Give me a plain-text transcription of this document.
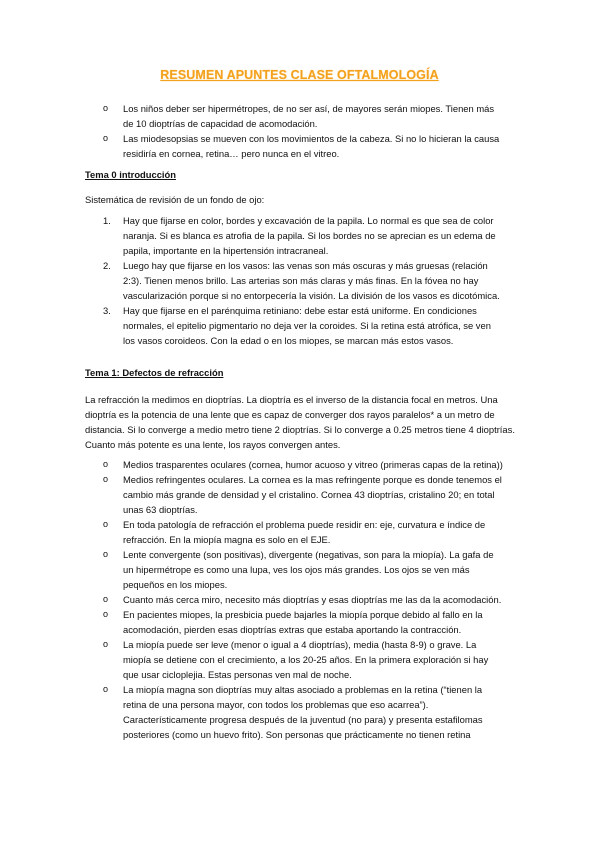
RESUMEN APUNTES CLASE OFTALMOLOGÍA
o Los niños deber ser hipermétropes, de no ser así, de mayores serán miopes. Tienen más de 10 dioptrías de capacidad de acomodación.
o Las miodesopsias se mueven con los movimientos de la cabeza. Si no lo hicieran la causa residiría en cornea, retina… pero nunca en el vitreo.
Tema 0 introducción
Sistemática de revisión de un fondo de ojo:
1. Hay que fijarse en color, bordes y excavación de la papila. Lo normal es que sea de color naranja. Si es blanca es atrofia de la papila. Si los bordes no se aprecian es un edema de papila, importante en la hipertensión intracraneal.
2. Luego hay que fijarse en los vasos: las venas son más oscuras y más gruesas (relación 2:3). Tienen menos brillo. Las arterias son más claras y más finas. En la fóvea no hay vascularización porque si no entorpecería la visión. La división de los vasos es dicotómica.
3. Hay que fijarse en el parénquima retiniano: debe estar está uniforme. En condiciones normales, el epitelio pigmentario no deja ver la coroides. Si la retina está atrófica, se ven los vasos coroideos. Con la edad o en los miopes, se marcan más estos vasos.
Tema 1: Defectos de refracción
La refracción la medimos en dioptrías. La dioptría es el inverso de la distancia focal en metros. Una dioptría es la potencia de una lente que es capaz de converger dos rayos paralelos* a un metro de distancia. Si lo converge a medio metro tiene 2 dioptrías. Si lo converge a 0.25 metros tiene 4 dioptrías. Cuanto más potente es una lente, los rayos convergen antes.
o Medios trasparentes oculares (cornea, humor acuoso y vitreo (primeras capas de la retina))
o Medios refringentes oculares. La cornea es la mas refringente porque es donde tenemos el cambio más grande de densidad y el cristalino. Cornea 43 dioptrías, cristalino 20; en total unas 63 dioptrías.
o En toda patología de refracción el problema puede residir en: eje, curvatura e índice de refracción. En la miopía magna es solo en el EJE.
o Lente convergente (son positivas), divergente (negativas, son para la miopía). La gafa de un hipermétrope es como una lupa, ves los ojos más grandes. Los ojos se ven más pequeños en los miopes.
o Cuanto más cerca miro, necesito más dioptrías y esas dioptrías me las da la acomodación.
o En pacientes miopes, la presbicia puede bajarles la miopía porque debido al fallo en la acomodación, pierden esas dioptrías extras que estaba aportando la contracción.
o La miopía puede ser leve (menor o igual a 4 dioptrías), media (hasta 8-9) o grave. La miopía se detiene con el crecimiento, a los 20-25 años. En la primera exploración si hay que usar cicloplejia. Estas personas ven mal de noche.
o La miopía magna son dioptrías muy altas asociado a problemas en la retina (“tienen la retina de una persona mayor, con todos los problemas que eso acarrea”). Característicamente progresa después de la juventud (no para) y presenta estafilomas posteriores (como un huevo frito). Son personas que prácticamente no tienen retina
